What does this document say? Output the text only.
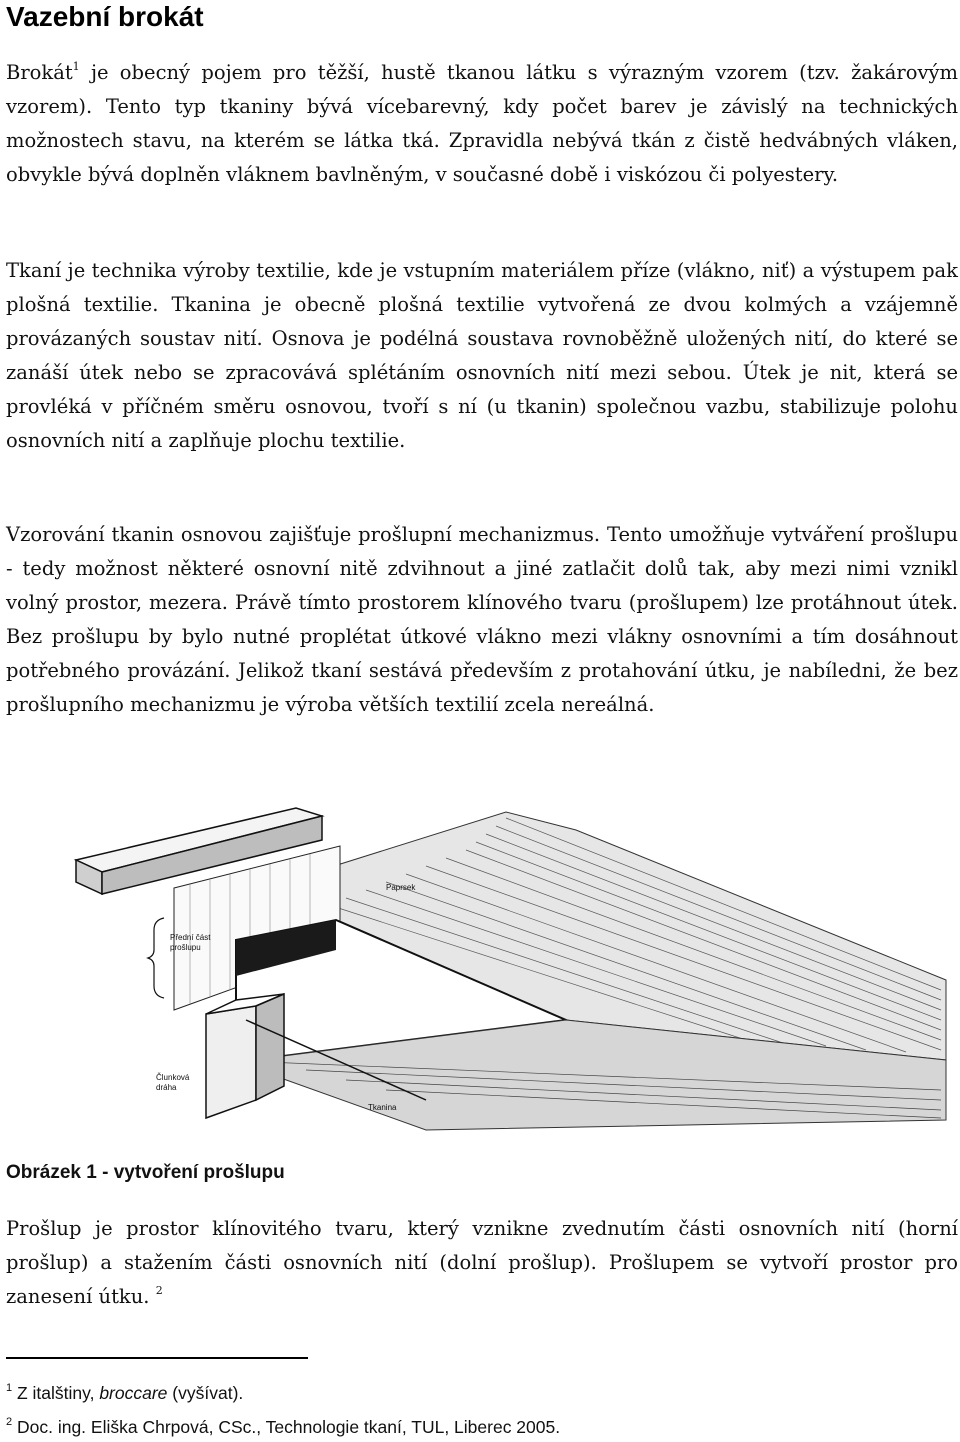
Vazební brokát

Brokát$^1$ je obecný pojem pro těžší, hustě tkanou látku s výrazným vzorem (tzv. žakárovým vzorem). Tento typ tkaniny bývá vícebarevný, kdy počet barev je závislý na technických možnostech stavu, na kterém se látka tká. Zpravidla nebývá tkán z čistě hedvábných vláken, obvykle bývá doplněn vláknem bavlněným, v současné době i viskózou či polyestery.

Tkaní je technika výroby textilie, kde je vstupním materiálem příze (vlákno, niť) a výstupem pak plošná textilie. Tkanina je obecně plošná textilie vytvořená ze dvou kolmých a vzájemně provázaných soustav nití. Osnova je podélná soustava rovnoběžně uložených nití, do které se zanáší útek nebo se zpracovává splétáním osnovních nití mezi sebou. Útek je nit, která se provléká v příčném směru osnovou, tvoří s ní (u tkanin) společnou vazbu, stabilizuje polohu osnovních nití a zaplňuje plochu textilie.

Vzorování tkanin osnovou zajišťuje prošlupní mechanizmus. Tento umožňuje vytváření prošlupu - tedy možnost některé osnovní nitě zdvihnout a jiné zatlačit dolů tak, aby mezi nimi vznikl volný prostor, mezera. Právě tímto prostorem klínového tvaru (prošlupem) lze protáhnout útek. Bez prošlupu by bylo nutné proplétat útkové vlákno mezi vlákny osnovními a tím dosáhnout potřebného provázání. Jelikož tkaní sestává především z protahování útku, je nabíledni, že bez prošlupního mechanizmu je výroba větších textilií zcela nereálná.

Paprsek
Přední část
prošlupu
Člunková
dráha
Tkanina

Obrázek 1 - vytvoření prošlupu

Prošlup je prostor klínovitého tvaru, který vznikne zvednutím části osnovních nití (horní prošlup) a stažením části osnovních nití (dolní prošlup). Prošlupem se vytvoří prostor pro zanesení útku. $^2$

$^1$ Z italštiny, broccare (vyšívat).

$^2$ Doc. ing. Eliška Chrpová, CSc., Technologie tkaní, TUL, Liberec 2005.
